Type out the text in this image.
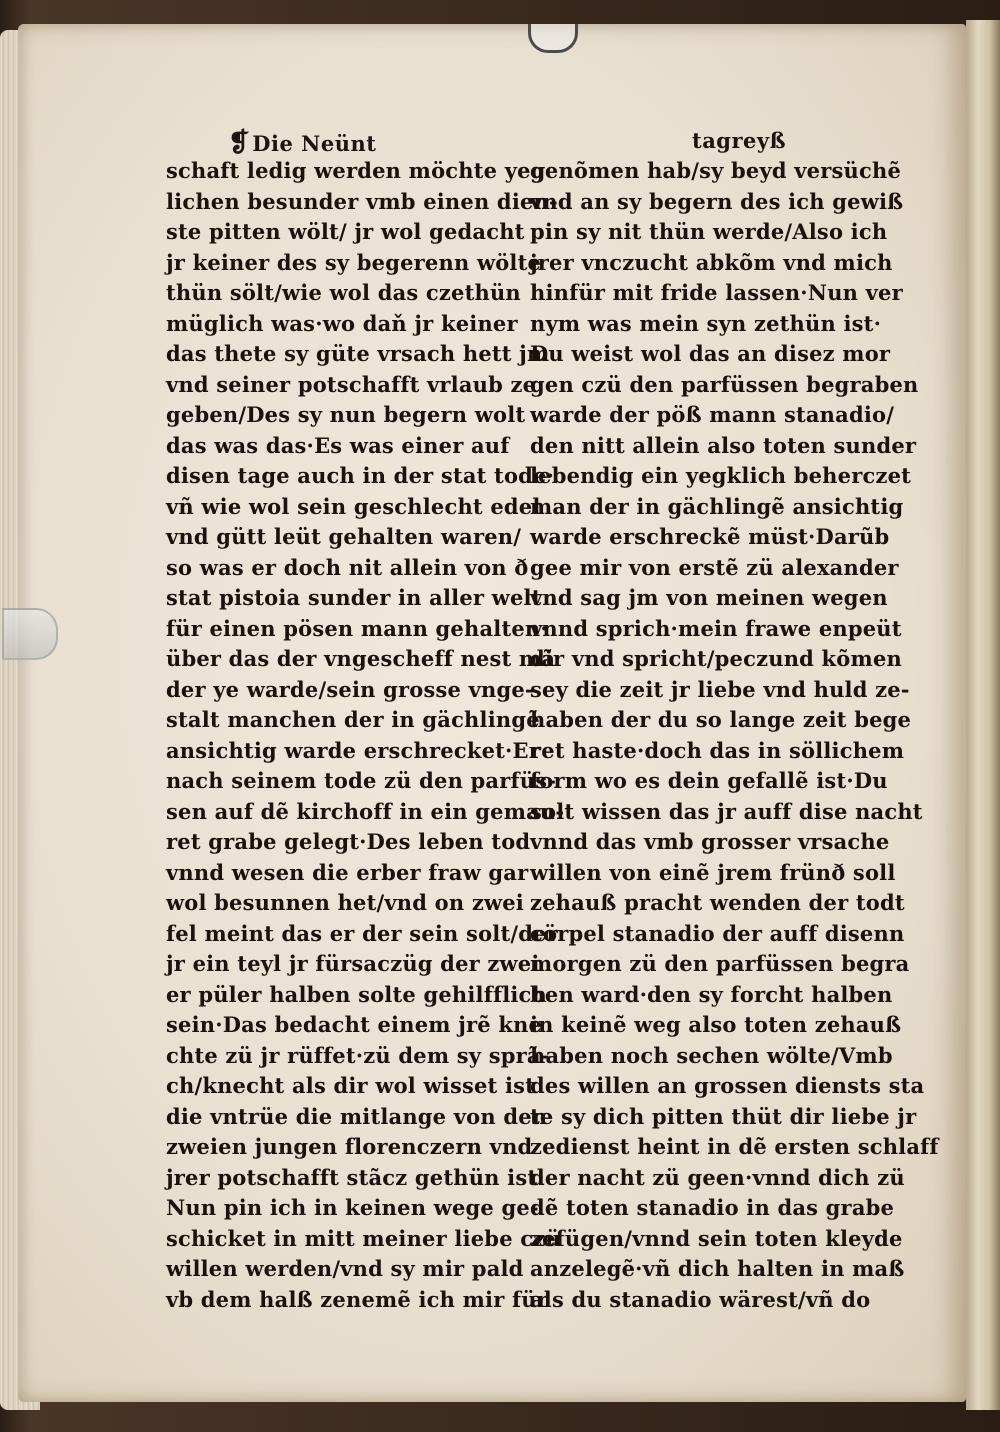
❡Die Neünt	tagreyß
schaft ledig werden möchte yeg
lichen besunder vmb einen dien-
ste pitten wölt/ jr wol gedacht
jr keiner des sy begerenn wölte
thün sölt/wie wol das czethün
müglich was·wo daň jr keiner
das thete sy güte vrsach hett jm
vnd seiner potschafft vrlaub ze
geben/Des sy nun begern wolt
das was das·Es was einer auf
disen tage auch in der stat tode·
vñ wie wol sein geschlecht edel
vnd gütt leüt gehalten waren/
so was er doch nit allein von ð
stat pistoia sunder in aller welt
für einen pösen mann gehalten·
über das der vngescheff nest mã
der ye warde/sein grosse vnge-
stalt manchen der in gächlingẽ
ansichtig warde erschrecket·Er
nach seinem tode zü den parfüs-
sen auf dẽ kirchoff in ein gemau-
ret grabe gelegt·Des leben tod
vnnd wesen die erber fraw gar
wol besunnen het/vnd on zwei
fel meint das er der sein solt/der
jr ein teyl jr fürsaczüg der zwei
er püler halben solte gehilfflich
sein·Das bedacht einem jrẽ kne
chte zü jr rüffet·zü dem sy sprã-
ch/knecht als dir wol wisset ist
die vntrüe die mitlange von den
zweien jungen florenczern vnd
jrer potschafft stãcz gethün ist·
Nun pin ich in keinen wege ge-
schicket in mitt meiner liebe czü
willen werden/vnd sy mir pald
vb dem halß zenemẽ ich mir für
genõmen hab/sy beyd versüchẽ
vnd an sy begern des ich gewiß
pin sy nit thün werde/Also ich
jrer vnczucht abkõm vnd mich
hinfür mit fride lassen·Nun ver
nym was mein syn zethün ist·
Du weist wol das an disez mor
gen czü den parfüssen begraben
warde der pöß mann stanadio/
den nitt allein also toten sunder
lebendig ein yegklich beherczet
man der in gächlingẽ ansichtig
warde erschreckẽ müst·Darũb
gee mir von erstẽ zü alexander
vnd sag jm von meinen wegen
vnnd sprich·mein frawe enpeüt
dir vnd spricht/peczund kõmen
sey die zeit jr liebe vnd huld ze-
haben der du so lange zeit bege
ret haste·doch das in söllichem
form wo es dein gefallẽ ist·Du
solt wissen das jr auff dise nacht
vnnd das vmb grosser vrsache
willen von einẽ jrem frünð soll
zehauß pracht wenden der todt
cörpel stanadio der auff disenn
morgen zü den parfüssen begra
ben ward·den sy forcht halben
in keinẽ weg also toten zehauß
haben noch sechen wölte/Vmb
des willen an grossen diensts sta
te sy dich pitten thüt dir liebe jr
zedienst heint in dẽ ersten schlaff
der nacht zü geen·vnnd dich zü
dẽ toten stanadio in das grabe
zefügen/vnnd sein toten kleyde
anzelegẽ·vñ dich halten in maß
als du stanadio wärest/vñ do
